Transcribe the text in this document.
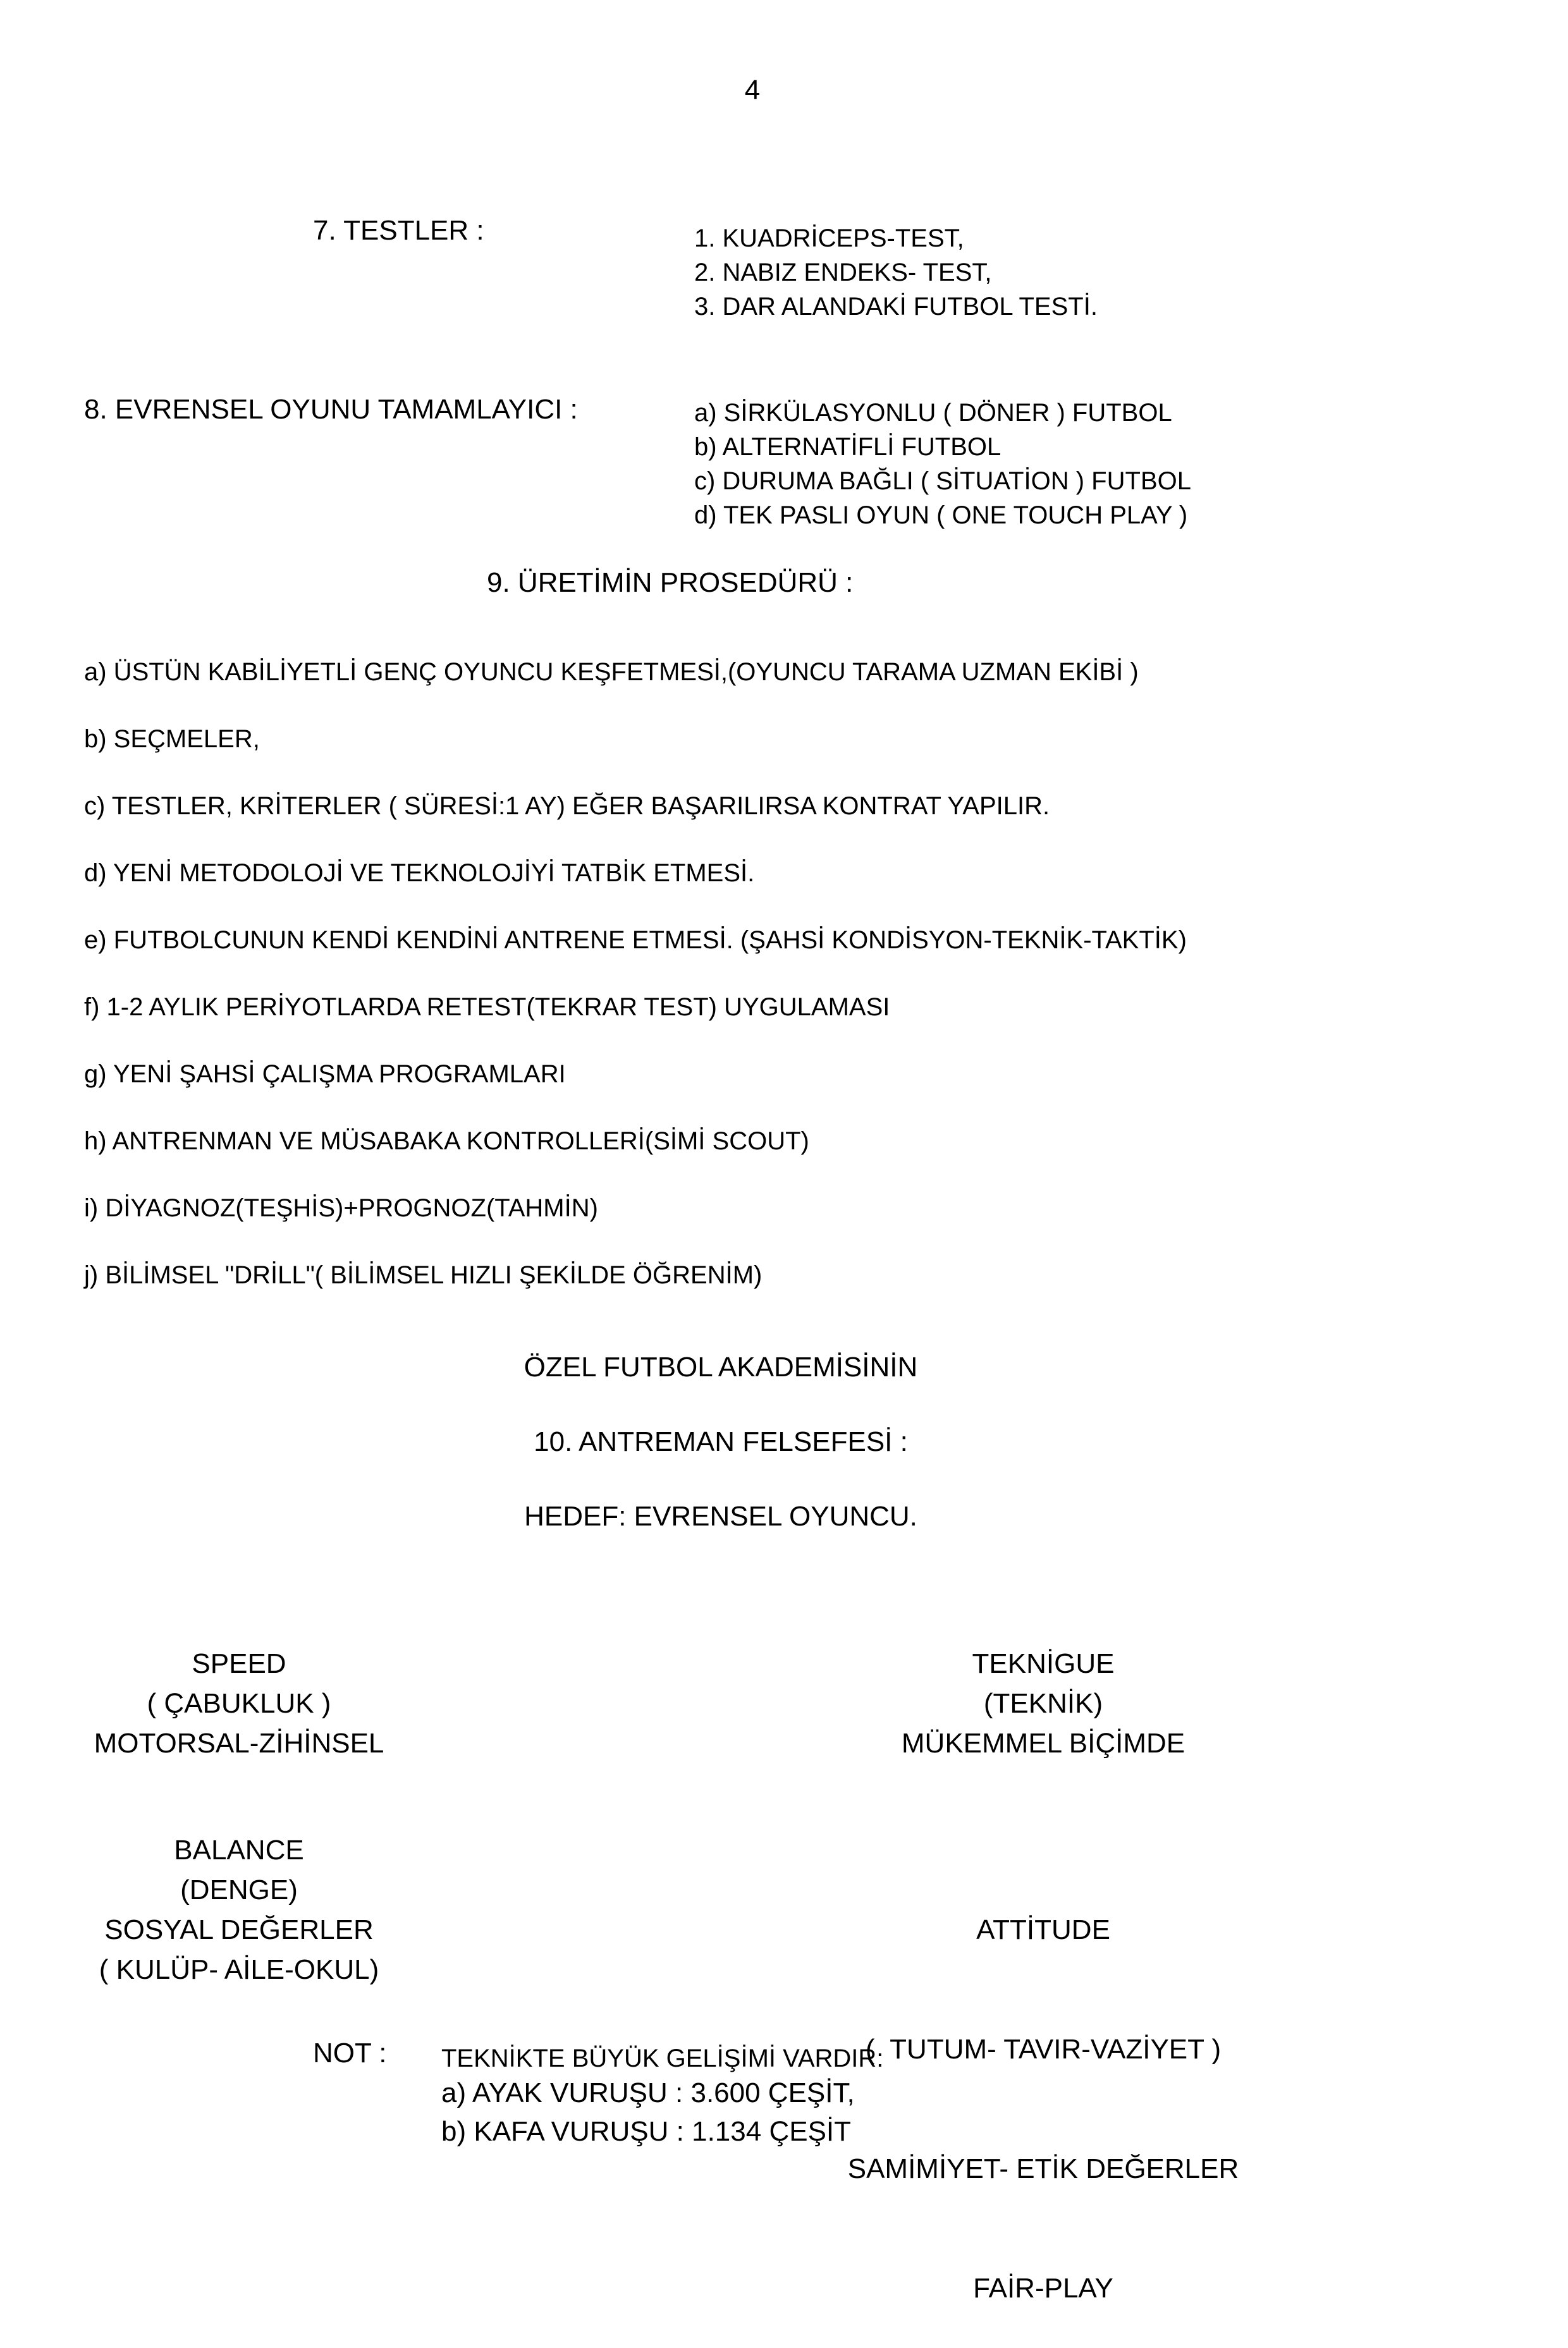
4
7. TESTLER :	1. KUADRİCEPS-TEST,
2. NABIZ ENDEKS- TEST,
3. DAR ALANDAKİ FUTBOL TESTİ.
8. EVRENSEL OYUNU TAMAMLAYICI :	a) SİRKÜLASYONLU ( DÖNER ) FUTBOL
b) ALTERNATİFLİ FUTBOL
c) DURUMA BAĞLI ( SİTUATİON ) FUTBOL
d) TEK PASLI OYUN ( ONE TOUCH PLAY )
9. ÜRETİMİN PROSEDÜRÜ :
a) ÜSTÜN KABİLİYETLİ GENÇ OYUNCU KEŞFETMESİ,(OYUNCU TARAMA UZMAN EKİBİ )
b) SEÇMELER,
c) TESTLER, KRİTERLER ( SÜRESİ:1 AY) EĞER BAŞARILIRSA KONTRAT YAPILIR.
d) YENİ METODOLOJİ VE TEKNOLOJİYİ TATBİK ETMESİ.
e) FUTBOLCUNUN KENDİ KENDİNİ ANTRENE ETMESİ. (ŞAHSİ KONDİSYON-TEKNİK-TAKTİK)
f) 1-2 AYLIK PERİYOTLARDA RETEST(TEKRAR TEST) UYGULAMASI
g) YENİ ŞAHSİ ÇALIŞMA PROGRAMLARI
h) ANTRENMAN VE MÜSABAKA KONTROLLERİ(SİMİ SCOUT)
i) DİYAGNOZ(TEŞHİS)+PROGNOZ(TAHMİN)
j) BİLİMSEL "DRİLL"( BİLİMSEL HIZLI ŞEKİLDE ÖĞRENİM)
ÖZEL FUTBOL AKADEMİSİNİN
10. ANTREMAN FELSEFESİ :
HEDEF: EVRENSEL OYUNCU.
SPEED
( ÇABUKLUK )
MOTORSAL-ZİHİNSEL
TEKNİGUE
(TEKNİK)
MÜKEMMEL BİÇİMDE
BALANCE
(DENGE)
SOSYAL DEĞERLER
( KULÜP- AİLE-OKUL)

ATTİTUDE

(  TUTUM- TAVIR-VAZİYET )

SAMİMİYET- ETİK DEĞERLER

FAİR-PLAY

NOT : TEKNİKTE BÜYÜK GELİŞİMİ VARDIR:
a) AYAK VURUŞU : 3.600 ÇEŞİT,
b) KAFA VURUŞU : 1.134 ÇEŞİT
